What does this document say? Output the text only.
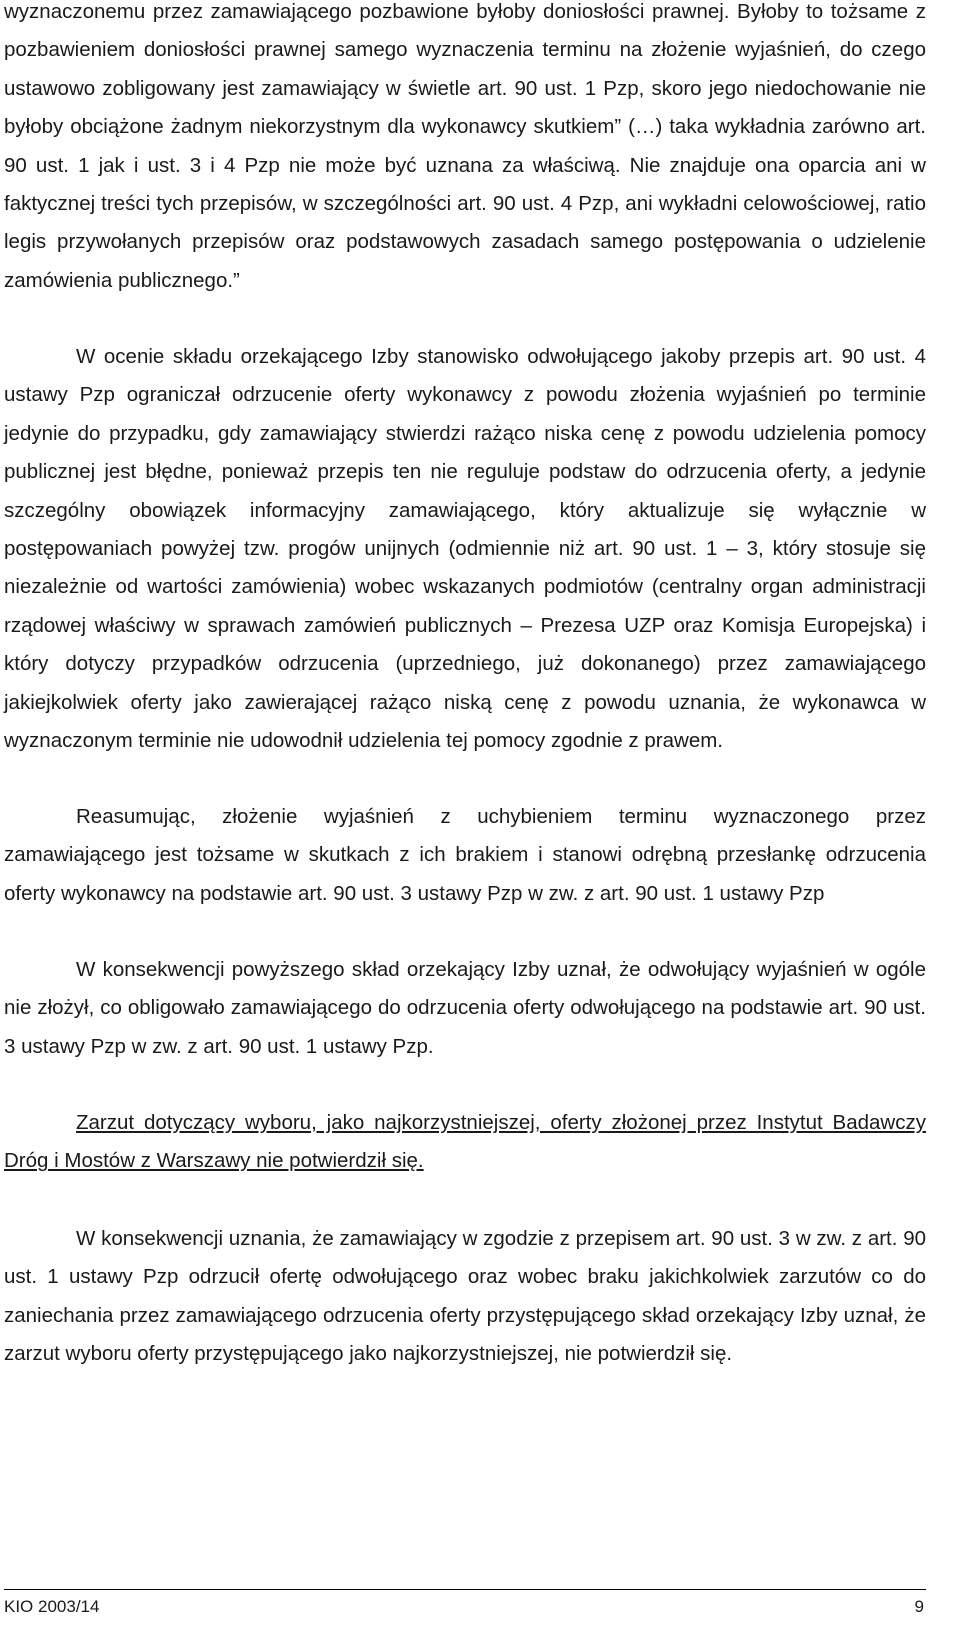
wyznaczonemu przez zamawiającego pozbawione byłoby doniosłości prawnej. Byłoby to tożsame z pozbawieniem doniosłości prawnej samego wyznaczenia terminu na złożenie wyjaśnień, do czego ustawowo zobligowany jest zamawiający w świetle art. 90 ust. 1 Pzp, skoro jego niedochowanie nie byłoby obciążone żadnym niekorzystnym dla wykonawcy skutkiem” (…) taka wykładnia zarówno art. 90 ust. 1 jak i ust. 3 i 4 Pzp nie może być uznana za właściwą. Nie znajduje ona oparcia ani w faktycznej treści tych przepisów, w szczególności art. 90 ust. 4 Pzp, ani wykładni celowościowej, ratio legis przywołanych przepisów oraz podstawowych zasadach samego postępowania o udzielenie zamówienia publicznego.”

W ocenie składu orzekającego Izby stanowisko odwołującego jakoby przepis art. 90 ust. 4 ustawy Pzp ograniczał odrzucenie oferty wykonawcy z powodu złożenia wyjaśnień po terminie jedynie do przypadku, gdy zamawiający stwierdzi rażąco niska cenę z powodu udzielenia pomocy publicznej jest błędne, ponieważ przepis ten nie reguluje podstaw do odrzucenia oferty, a jedynie szczególny obowiązek informacyjny zamawiającego, który aktualizuje się wyłącznie w postępowaniach powyżej tzw. progów unijnych (odmiennie niż art. 90 ust. 1 – 3, który stosuje się niezależnie od wartości zamówienia) wobec wskazanych podmiotów (centralny organ administracji rządowej właściwy w sprawach zamówień publicznych – Prezesa UZP oraz Komisja Europejska) i który dotyczy przypadków odrzucenia (uprzedniego, już dokonanego) przez zamawiającego jakiejkolwiek oferty jako zawierającej rażąco niską cenę z powodu uznania, że wykonawca w wyznaczonym terminie nie udowodnił udzielenia tej pomocy zgodnie z prawem.

Reasumując, złożenie wyjaśnień z uchybieniem terminu wyznaczonego przez zamawiającego jest tożsame w skutkach z ich brakiem i stanowi odrębną przesłankę odrzucenia oferty wykonawcy na podstawie art. 90 ust. 3 ustawy Pzp w zw. z art. 90 ust. 1 ustawy Pzp

W konsekwencji powyższego skład orzekający Izby uznał, że odwołujący wyjaśnień w ogóle nie złożył, co obligowało zamawiającego do odrzucenia oferty odwołującego na podstawie art. 90 ust. 3 ustawy Pzp w zw. z art. 90 ust. 1 ustawy Pzp.

Zarzut dotyczący wyboru, jako najkorzystniejszej, oferty złożonej przez Instytut Badawczy Dróg i Mostów z Warszawy nie potwierdził się.

W konsekwencji uznania, że zamawiający w zgodzie z przepisem art. 90 ust. 3 w zw. z art. 90 ust. 1 ustawy Pzp odrzucił ofertę odwołującego oraz wobec braku jakichkolwiek zarzutów co do zaniechania przez zamawiającego odrzucenia oferty przystępującego skład orzekający Izby uznał, że zarzut wyboru oferty przystępującego jako najkorzystniejszej, nie potwierdził się.

KIO 2003/14	9
